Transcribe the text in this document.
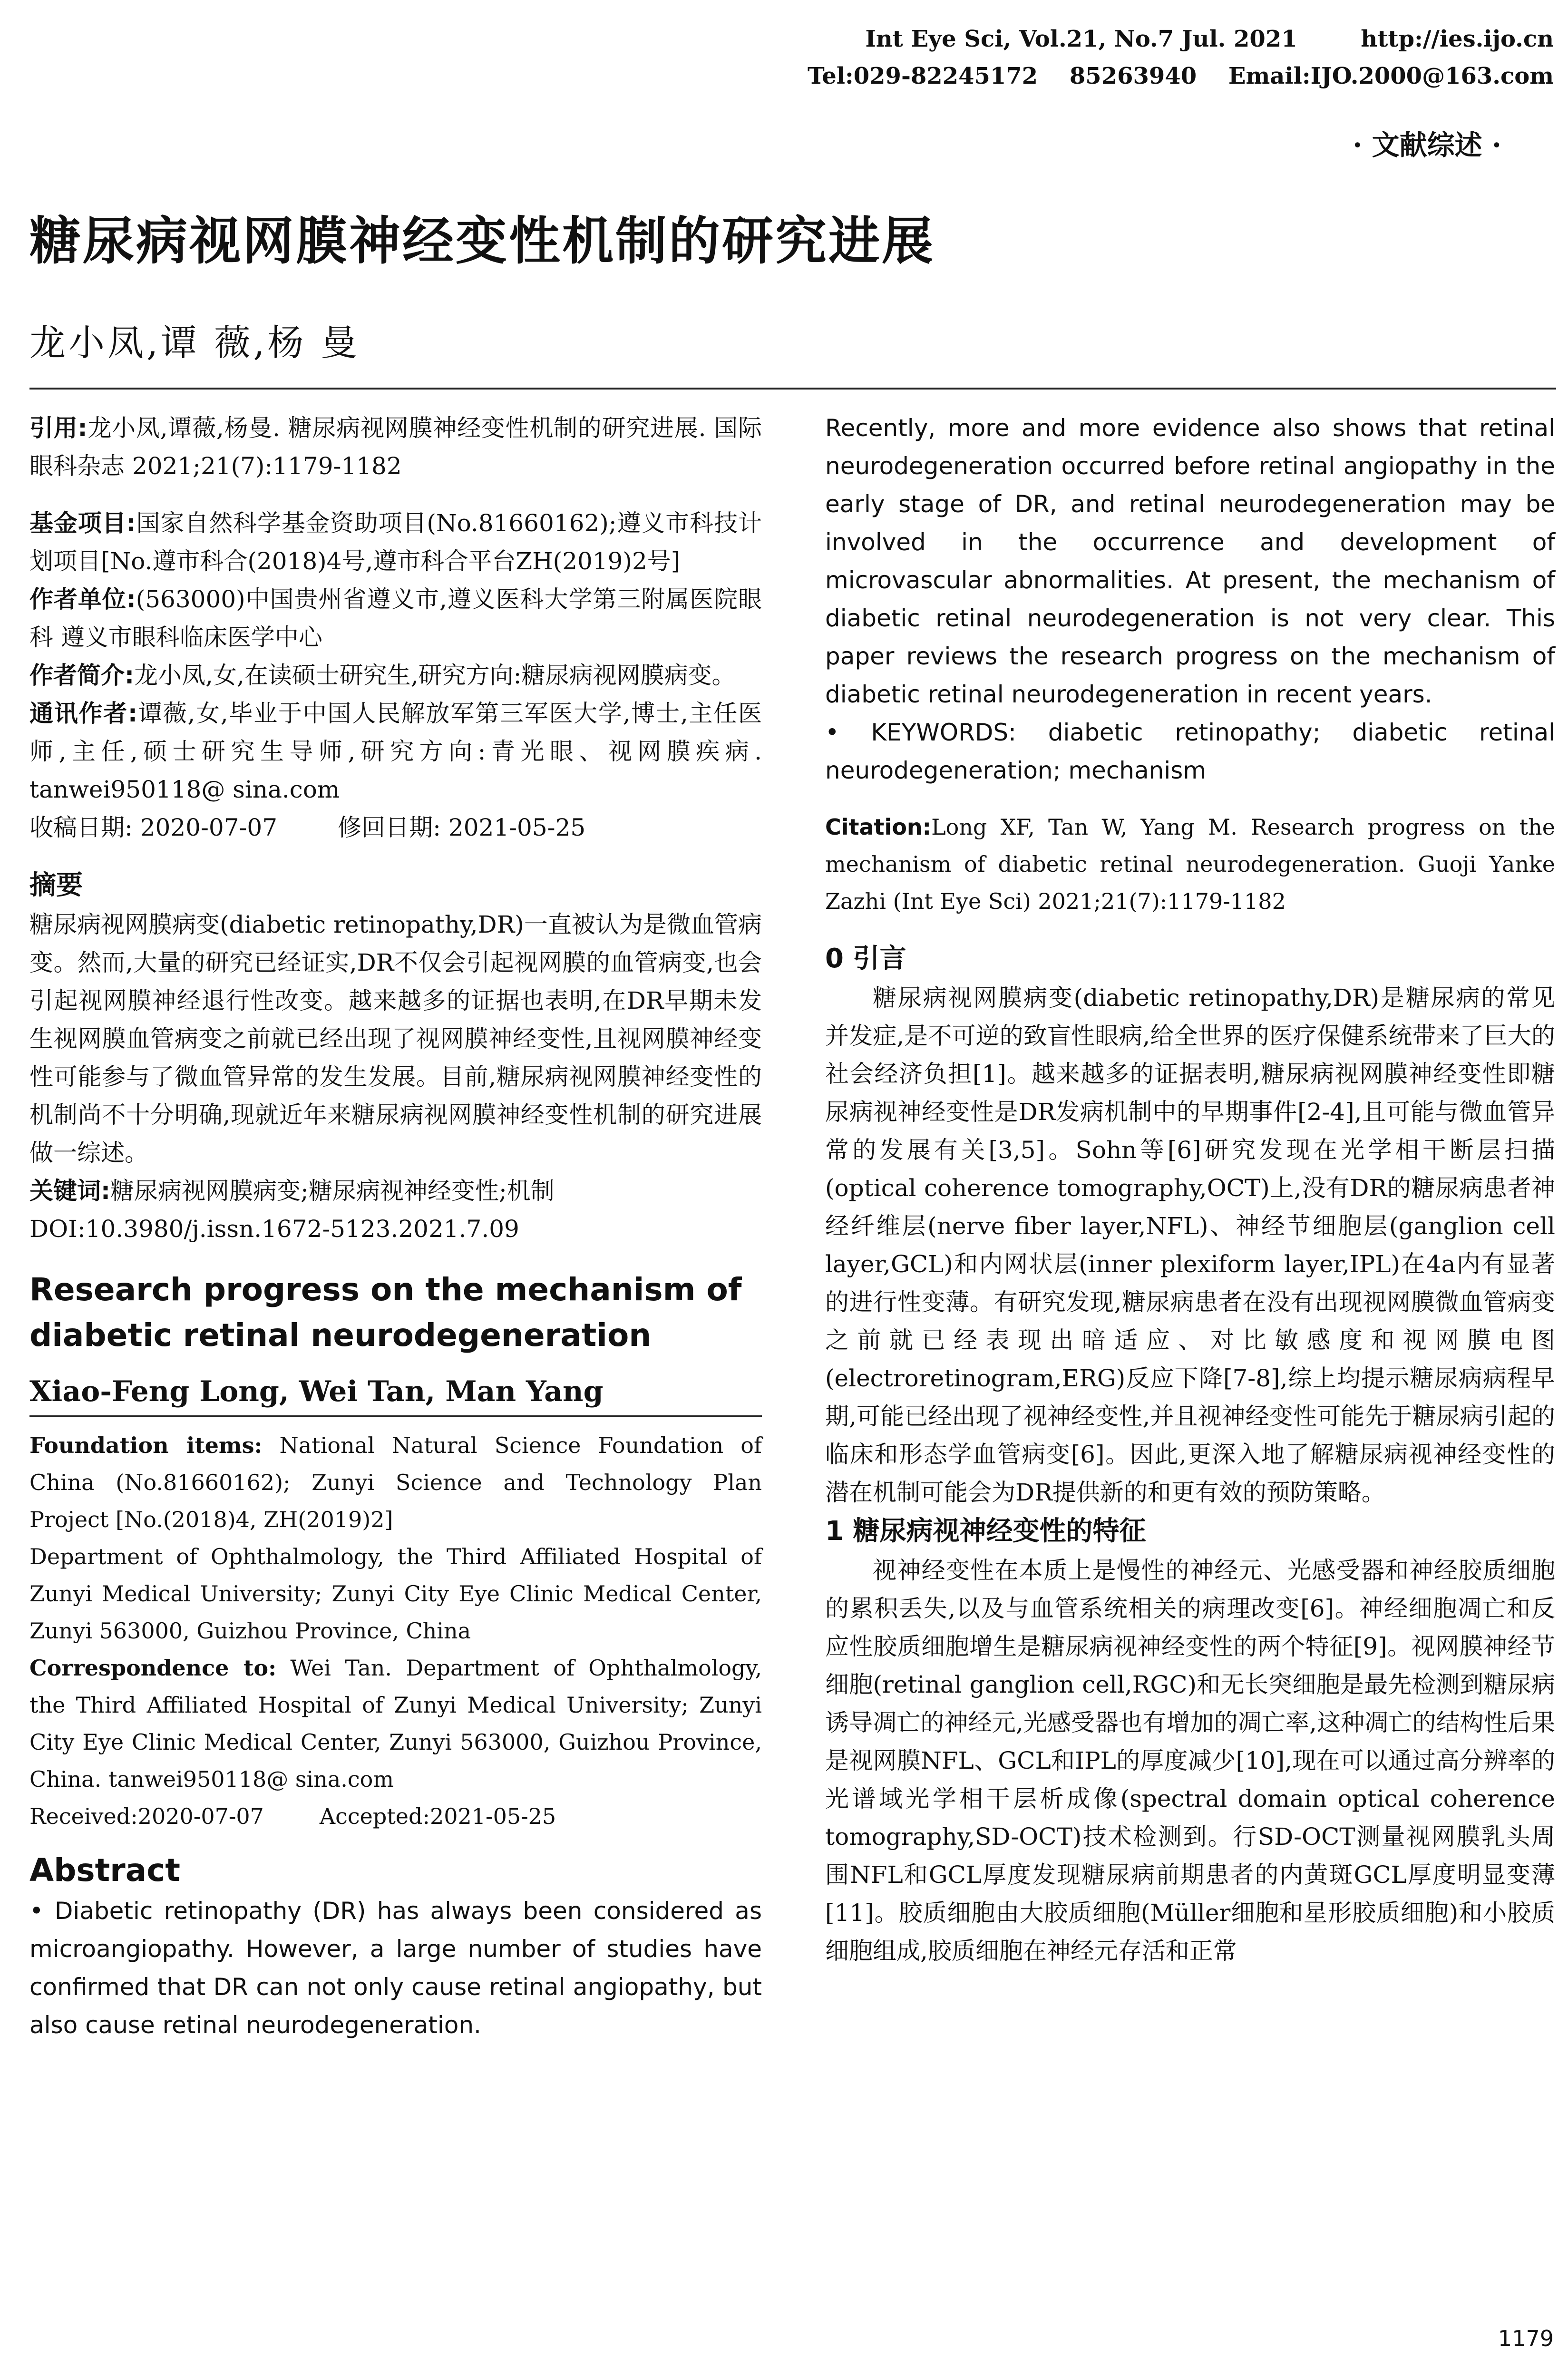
Int Eye Sci, Vol.21, No.7 Jul. 2021        http://ies.ijo.cn
Tel:029-82245172    85263940    Email:IJO.2000@163.com
· 文献综述 ·
糖尿病视网膜神经变性机制的研究进展
龙小凤,谭 薇,杨 曼

引用:龙小凤,谭薇,杨曼. 糖尿病视网膜神经变性机制的研究进展. 国际眼科杂志 2021;21(7):1179-1182

基金项目:国家自然科学基金资助项目(No.81660162);遵义市科技计划项目[No.遵市科合(2018)4号,遵市科合平台ZH(2019)2号]

作者单位:(563000)中国贵州省遵义市,遵义医科大学第三附属医院眼科 遵义市眼科临床医学中心

作者简介:龙小凤,女,在读硕士研究生,研究方向:糖尿病视网膜病变。

通讯作者:谭薇,女,毕业于中国人民解放军第三军医大学,博士,主任医师,主任,硕士研究生导师,研究方向:青光眼、视网膜疾病. tanwei950118@ sina.com

收稿日期: 2020-07-07        修回日期: 2021-05-25

摘要

糖尿病视网膜病变(diabetic retinopathy,DR)一直被认为是微血管病变。然而,大量的研究已经证实,DR不仅会引起视网膜的血管病变,也会引起视网膜神经退行性改变。越来越多的证据也表明,在DR早期未发生视网膜血管病变之前就已经出现了视网膜神经变性,且视网膜神经变性可能参与了微血管异常的发生发展。目前,糖尿病视网膜神经变性的机制尚不十分明确,现就近年来糖尿病视网膜神经变性机制的研究进展做一综述。

关键词:糖尿病视网膜病变;糖尿病视神经变性;机制

DOI:10.3980/j.issn.1672-5123.2021.7.09

Research progress on the mechanism of diabetic retinal neurodegeneration
Xiao-Feng Long, Wei Tan, Man Yang

Foundation items: National Natural Science Foundation of China (No.81660162); Zunyi Science and Technology Plan Project [No.(2018)4, ZH(2019)2]

Department of Ophthalmology, the Third Affiliated Hospital of Zunyi Medical University; Zunyi City Eye Clinic Medical Center, Zunyi 563000, Guizhou Province, China

Correspondence to: Wei Tan. Department of Ophthalmology, the Third Affiliated Hospital of Zunyi Medical University; Zunyi City Eye Clinic Medical Center, Zunyi 563000, Guizhou Province, China. tanwei950118@ sina.com

Received:2020-07-07        Accepted:2021-05-25

Abstract

• Diabetic retinopathy (DR) has always been considered as microangiopathy. However, a large number of studies have confirmed that DR can not only cause retinal angiopathy, but also cause retinal neurodegeneration.

Recently, more and more evidence also shows that retinal neurodegeneration occurred before retinal angiopathy in the early stage of DR, and retinal neurodegeneration may be involved in the occurrence and development of microvascular abnormalities. At present, the mechanism of diabetic retinal neurodegeneration is not very clear. This paper reviews the research progress on the mechanism of diabetic retinal neurodegeneration in recent years.

• KEYWORDS: diabetic retinopathy; diabetic retinal neurodegeneration; mechanism

Citation:Long XF, Tan W, Yang M. Research progress on the mechanism of diabetic retinal neurodegeneration. Guoji Yanke Zazhi (Int Eye Sci) 2021;21(7):1179-1182

0 引言

糖尿病视网膜病变(diabetic retinopathy,DR)是糖尿病的常见并发症,是不可逆的致盲性眼病,给全世界的医疗保健系统带来了巨大的社会经济负担[1]。越来越多的证据表明,糖尿病视网膜神经变性即糖尿病视神经变性是DR发病机制中的早期事件[2-4],且可能与微血管异常的发展有关[3,5]。Sohn等[6]研究发现在光学相干断层扫描(optical coherence tomography,OCT)上,没有DR的糖尿病患者神经纤维层(nerve fiber layer,NFL)、神经节细胞层(ganglion cell layer,GCL)和内网状层(inner plexiform layer,IPL)在4a内有显著的进行性变薄。有研究发现,糖尿病患者在没有出现视网膜微血管病变之前就已经表现出暗适应、对比敏感度和视网膜电图(electroretinogram,ERG)反应下降[7-8],综上均提示糖尿病病程早期,可能已经出现了视神经变性,并且视神经变性可能先于糖尿病引起的临床和形态学血管病变[6]。因此,更深入地了解糖尿病视神经变性的潜在机制可能会为DR提供新的和更有效的预防策略。

1 糖尿病视神经变性的特征

视神经变性在本质上是慢性的神经元、光感受器和神经胶质细胞的累积丢失,以及与血管系统相关的病理改变[6]。神经细胞凋亡和反应性胶质细胞增生是糖尿病视神经变性的两个特征[9]。视网膜神经节细胞(retinal ganglion cell,RGC)和无长突细胞是最先检测到糖尿病诱导凋亡的神经元,光感受器也有增加的凋亡率,这种凋亡的结构性后果是视网膜NFL、GCL和IPL的厚度减少[10],现在可以通过高分辨率的光谱域光学相干层析成像(spectral domain optical coherence tomography,SD-OCT)技术检测到。行SD-OCT测量视网膜乳头周围NFL和GCL厚度发现糖尿病前期患者的内黄斑GCL厚度明显变薄[11]。胶质细胞由大胶质细胞(Müller细胞和星形胶质细胞)和小胶质细胞组成,胶质细胞在神经元存活和正常

1179
